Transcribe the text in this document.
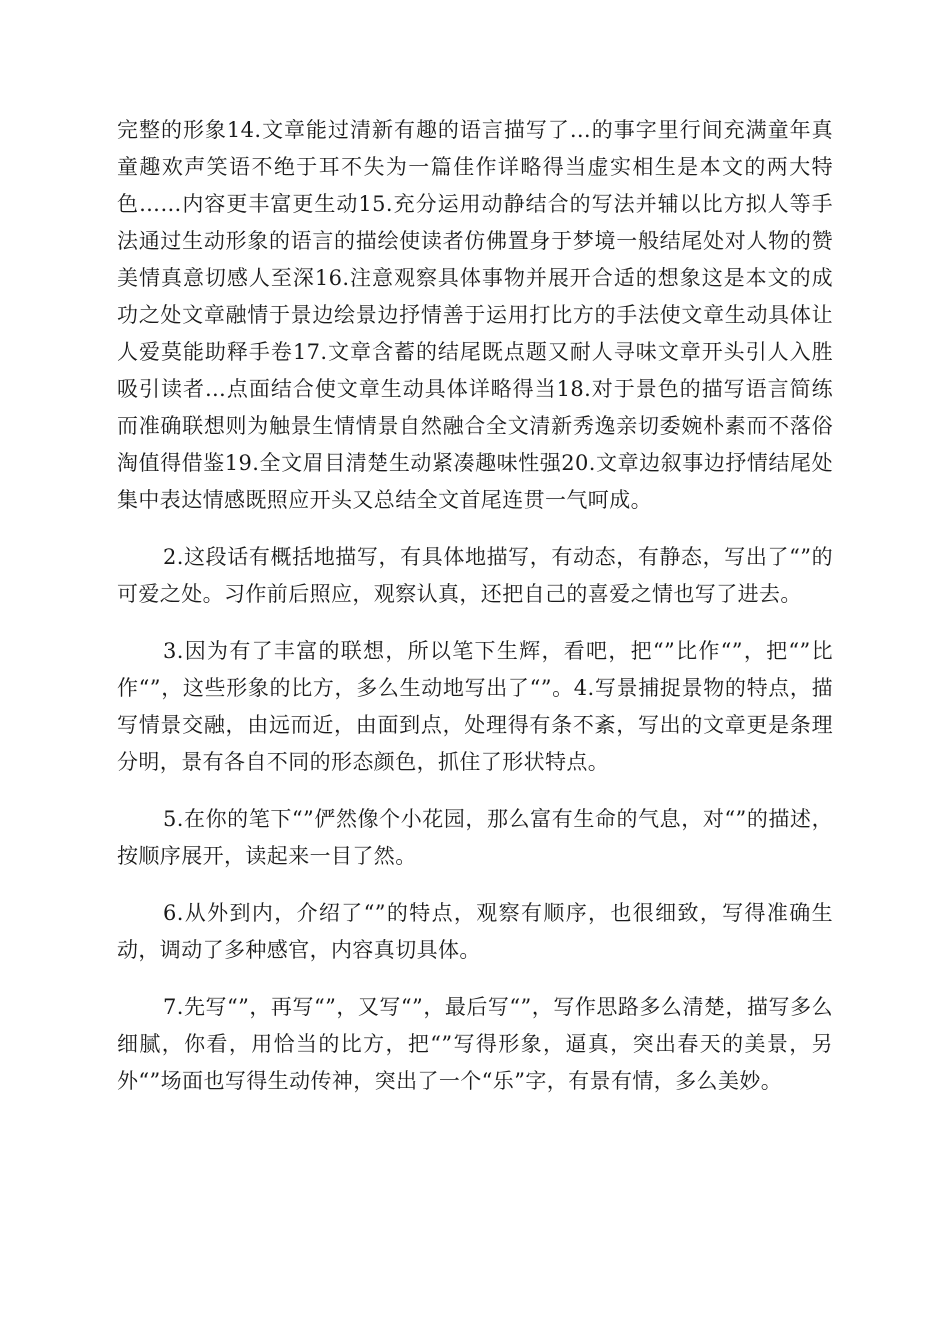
完整的形象14.文章能过清新有趣的语言描写了…的事字里行间充满童年真童趣欢声笑语不绝于耳不失为一篇佳作详略得当虚实相生是本文的两大特色……内容更丰富更生动15.充分运用动静结合的写法并辅以比方拟人等手法通过生动形象的语言的描绘使读者仿佛置身于梦境一般结尾处对人物的赞美情真意切感人至深16.注意观察具体事物并展开合适的想象这是本文的成功之处文章融情于景边绘景边抒情善于运用打比方的手法使文章生动具体让人爱莫能助释手卷17.文章含蓄的结尾既点题又耐人寻味文章开头引人入胜吸引读者…点面结合使文章生动具体详略得当18.对于景色的描写语言简练而准确联想则为触景生情情景自然融合全文清新秀逸亲切委婉朴素而不落俗淘值得借鉴19.全文眉目清楚生动紧凑趣味性强20.文章边叙事边抒情结尾处集中表达情感既照应开头又总结全文首尾连贯一气呵成。

2.这段话有概括地描写，有具体地描写，有动态，有静态，写出了“”的可爱之处。习作前后照应，观察认真，还把自己的喜爱之情也写了进去。

3.因为有了丰富的联想，所以笔下生辉，看吧，把“”比作“”，把“”比作“”，这些形象的比方，多么生动地写出了“”。4.写景捕捉景物的特点，描写情景交融，由远而近，由面到点，处理得有条不紊，写出的文章更是条理分明，景有各自不同的形态颜色，抓住了形状特点。

5.在你的笔下“”俨然像个小花园，那么富有生命的气息，对“”的描述，按顺序展开，读起来一目了然。

6.从外到内，介绍了“”的特点，观察有顺序，也很细致，写得准确生动，调动了多种感官，内容真切具体。

7.先写“”，再写“”，又写“”，最后写“”，写作思路多么清楚，描写多么细腻，你看，用恰当的比方，把“”写得形象，逼真，突出春天的美景，另外“”场面也写得生动传神，突出了一个“乐”字，有景有情，多么美妙。
